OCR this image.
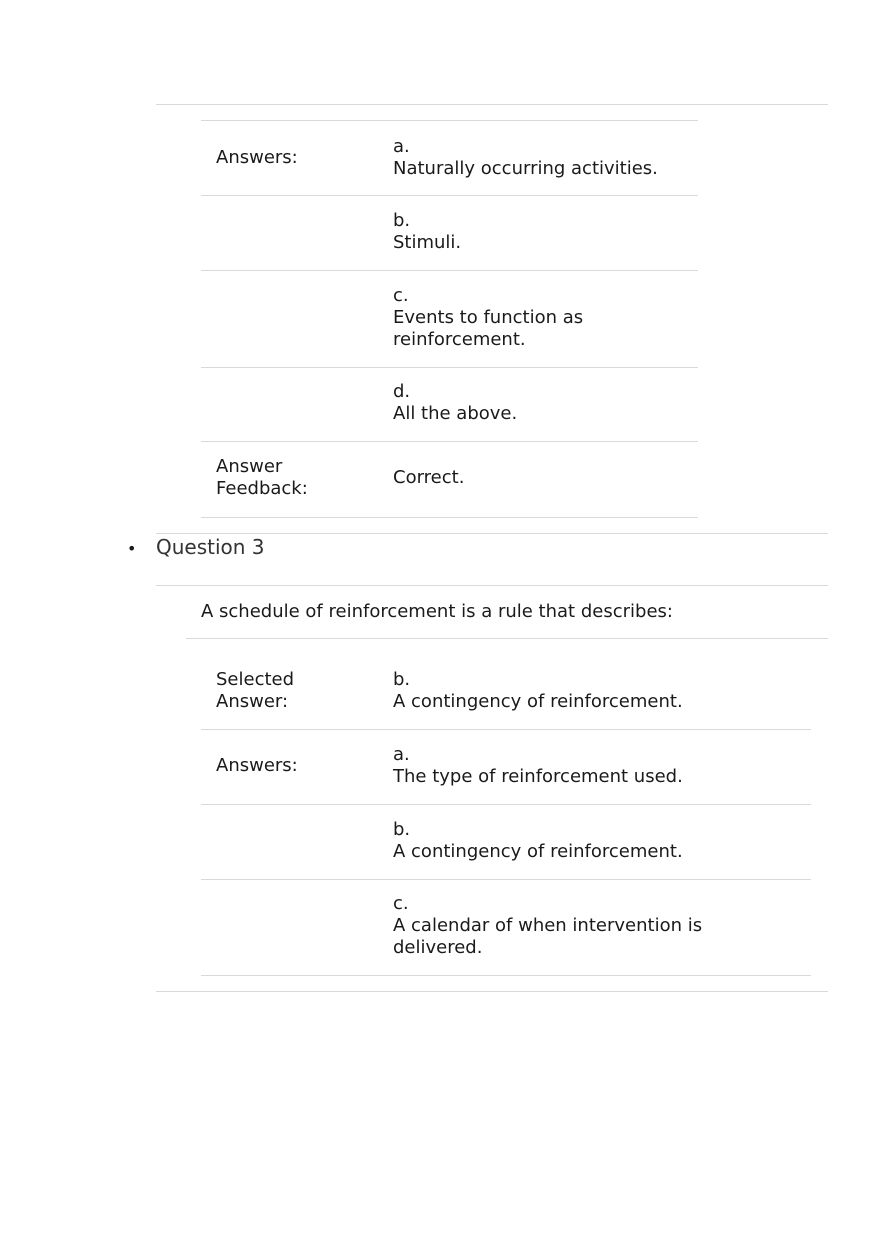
Answers:
a.
Naturally occurring activities.
b.
Stimuli.
c.
Events to function as
reinforcement.
d.
All the above.
Answer
Feedback:
Correct.
• Question 3
A schedule of reinforcement is a rule that describes:
Selected
Answer:
b.
A contingency of reinforcement.
Answers:
a.
The type of reinforcement used.
b.
A contingency of reinforcement.
c.
A calendar of when intervention is
delivered.
